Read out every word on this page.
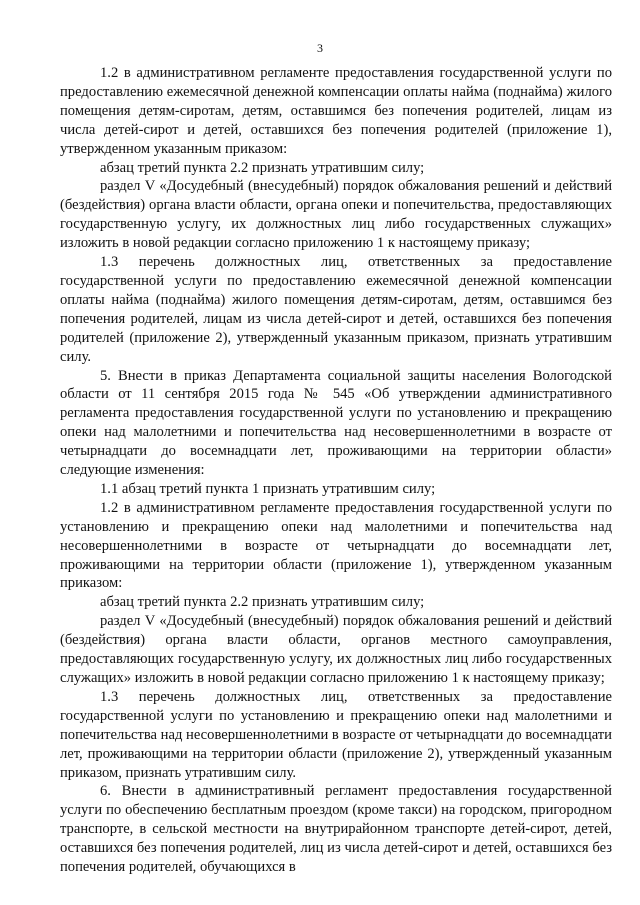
3

1.2 в административном регламенте предоставления государственной услуги по предоставлению ежемесячной денежной компенсации оплаты найма (поднайма) жилого помещения детям-сиротам, детям, оставшимся без попечения родителей, лицам из числа детей-сирот и детей, оставшихся без попечения родителей (приложение 1), утвержденном указанным приказом:

абзац третий пункта 2.2 признать утратившим силу;

раздел V «Досудебный (внесудебный) порядок обжалования решений и действий (бездействия) органа власти области, органа опеки и попечительства, предоставляющих государственную услугу, их должностных лиц либо государственных служащих» изложить в новой редакции согласно приложению 1 к настоящему приказу;

1.3 перечень должностных лиц, ответственных за предоставление государственной услуги по предоставлению ежемесячной денежной компенсации оплаты найма (поднайма) жилого помещения детям-сиротам, детям, оставшимся без попечения родителей, лицам из числа детей-сирот и детей, оставшихся без попечения родителей (приложение 2), утвержденный указанным приказом, признать утратившим силу.

5. Внести в приказ Департамента социальной защиты населения Вологодской области от 11 сентября 2015 года № 545 «Об утверждении административного регламента предоставления государственной услуги по установлению и прекращению опеки над малолетними и попечительства над несовершеннолетними в возрасте от четырнадцати до восемнадцати лет, проживающими на территории области» следующие изменения:

1.1 абзац третий пункта 1 признать утратившим силу;

1.2 в административном регламенте предоставления государственной услуги по установлению и прекращению опеки над малолетними и попечительства над несовершеннолетними в возрасте от четырнадцати до восемнадцати лет, проживающими на территории области (приложение 1), утвержденном указанным приказом:

абзац третий пункта 2.2 признать утратившим силу;

раздел V «Досудебный (внесудебный) порядок обжалования решений и действий (бездействия) органа власти области, органов местного самоуправления, предоставляющих государственную услугу, их должностных лиц либо государственных служащих» изложить в новой редакции согласно приложению 1 к настоящему приказу;

1.3 перечень должностных лиц, ответственных за предоставление государственной услуги по установлению и прекращению опеки над малолетними и попечительства над несовершеннолетними в возрасте от четырнадцати до восемнадцати лет, проживающими на территории области (приложение 2), утвержденный указанным приказом, признать утратившим силу.

6. Внести в административный регламент предоставления государственной услуги по обеспечению бесплатным проездом (кроме такси) на городском, пригородном транспорте, в сельской местности на внутрирайонном транспорте детей-сирот, детей, оставшихся без попечения родителей, лиц из числа детей-сирот и детей, оставшихся без попечения родителей, обучающихся в
